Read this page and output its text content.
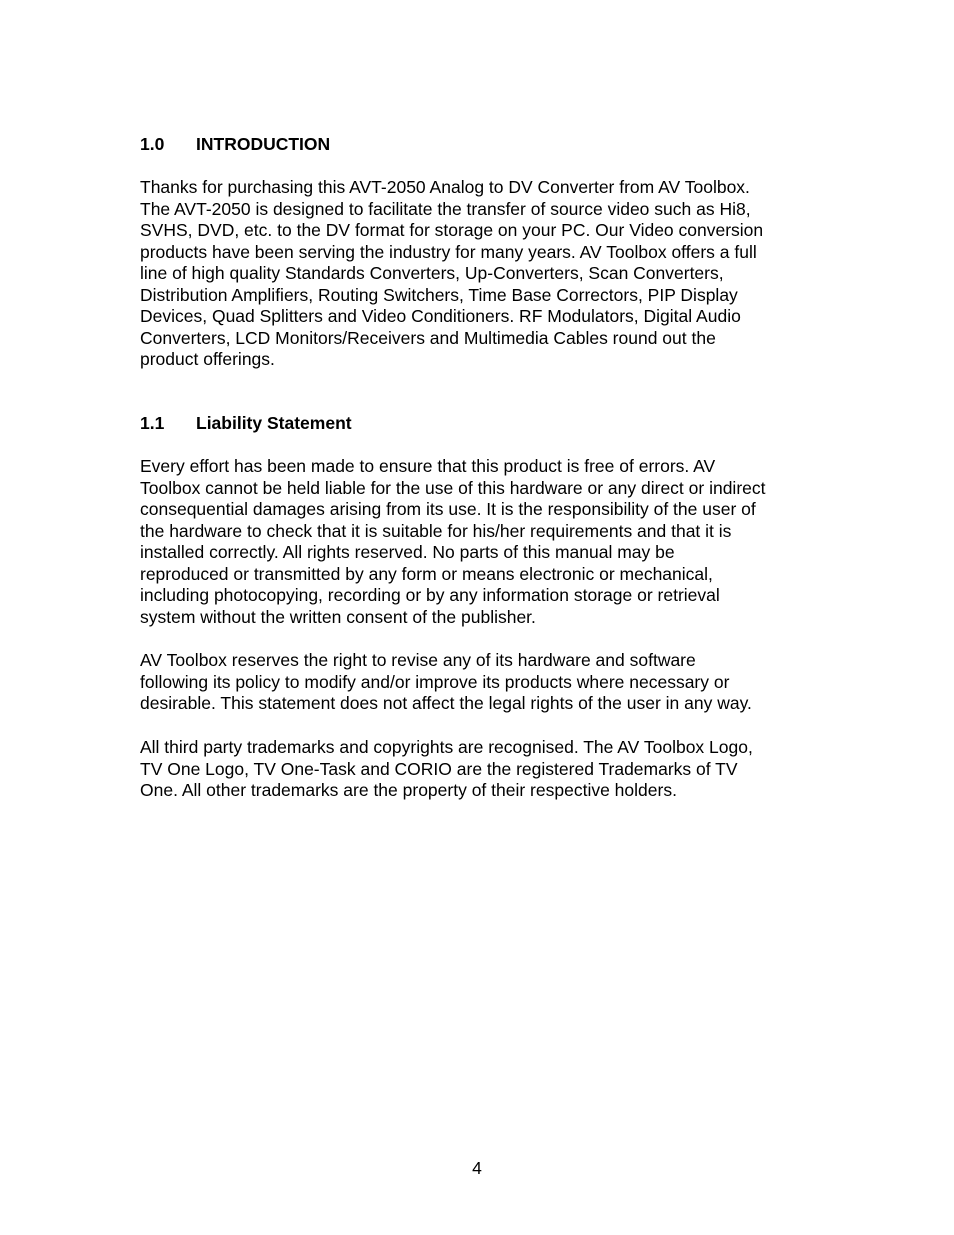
1.0 INTRODUCTION
Thanks for purchasing this AVT-2050 Analog to DV Converter from AV Toolbox.
The AVT-2050 is designed to facilitate the transfer of source video such as Hi8,
SVHS, DVD, etc. to the DV format for storage on your PC. Our Video conversion
products have been serving the industry for many years. AV Toolbox offers a full
line of high quality Standards Converters, Up-Converters, Scan Converters,
Distribution Amplifiers, Routing Switchers, Time Base Correctors, PIP Display
Devices, Quad Splitters and Video Conditioners. RF Modulators, Digital Audio
Converters, LCD Monitors/Receivers and Multimedia Cables round out the
product offerings.
1.1 Liability Statement
Every effort has been made to ensure that this product is free of errors. AV
Toolbox cannot be held liable for the use of this hardware or any direct or indirect
consequential damages arising from its use. It is the responsibility of the user of
the hardware to check that it is suitable for his/her requirements and that it is
installed correctly. All rights reserved. No parts of this manual may be
reproduced or transmitted by any form or means electronic or mechanical,
including photocopying, recording or by any information storage or retrieval
system without the written consent of the publisher.
AV Toolbox reserves the right to revise any of its hardware and software
following its policy to modify and/or improve its products where necessary or
desirable. This statement does not affect the legal rights of the user in any way.
All third party trademarks and copyrights are recognised. The AV Toolbox Logo,
TV One Logo, TV One-Task and CORIO are the registered Trademarks of TV
One. All other trademarks are the property of their respective holders.
4
